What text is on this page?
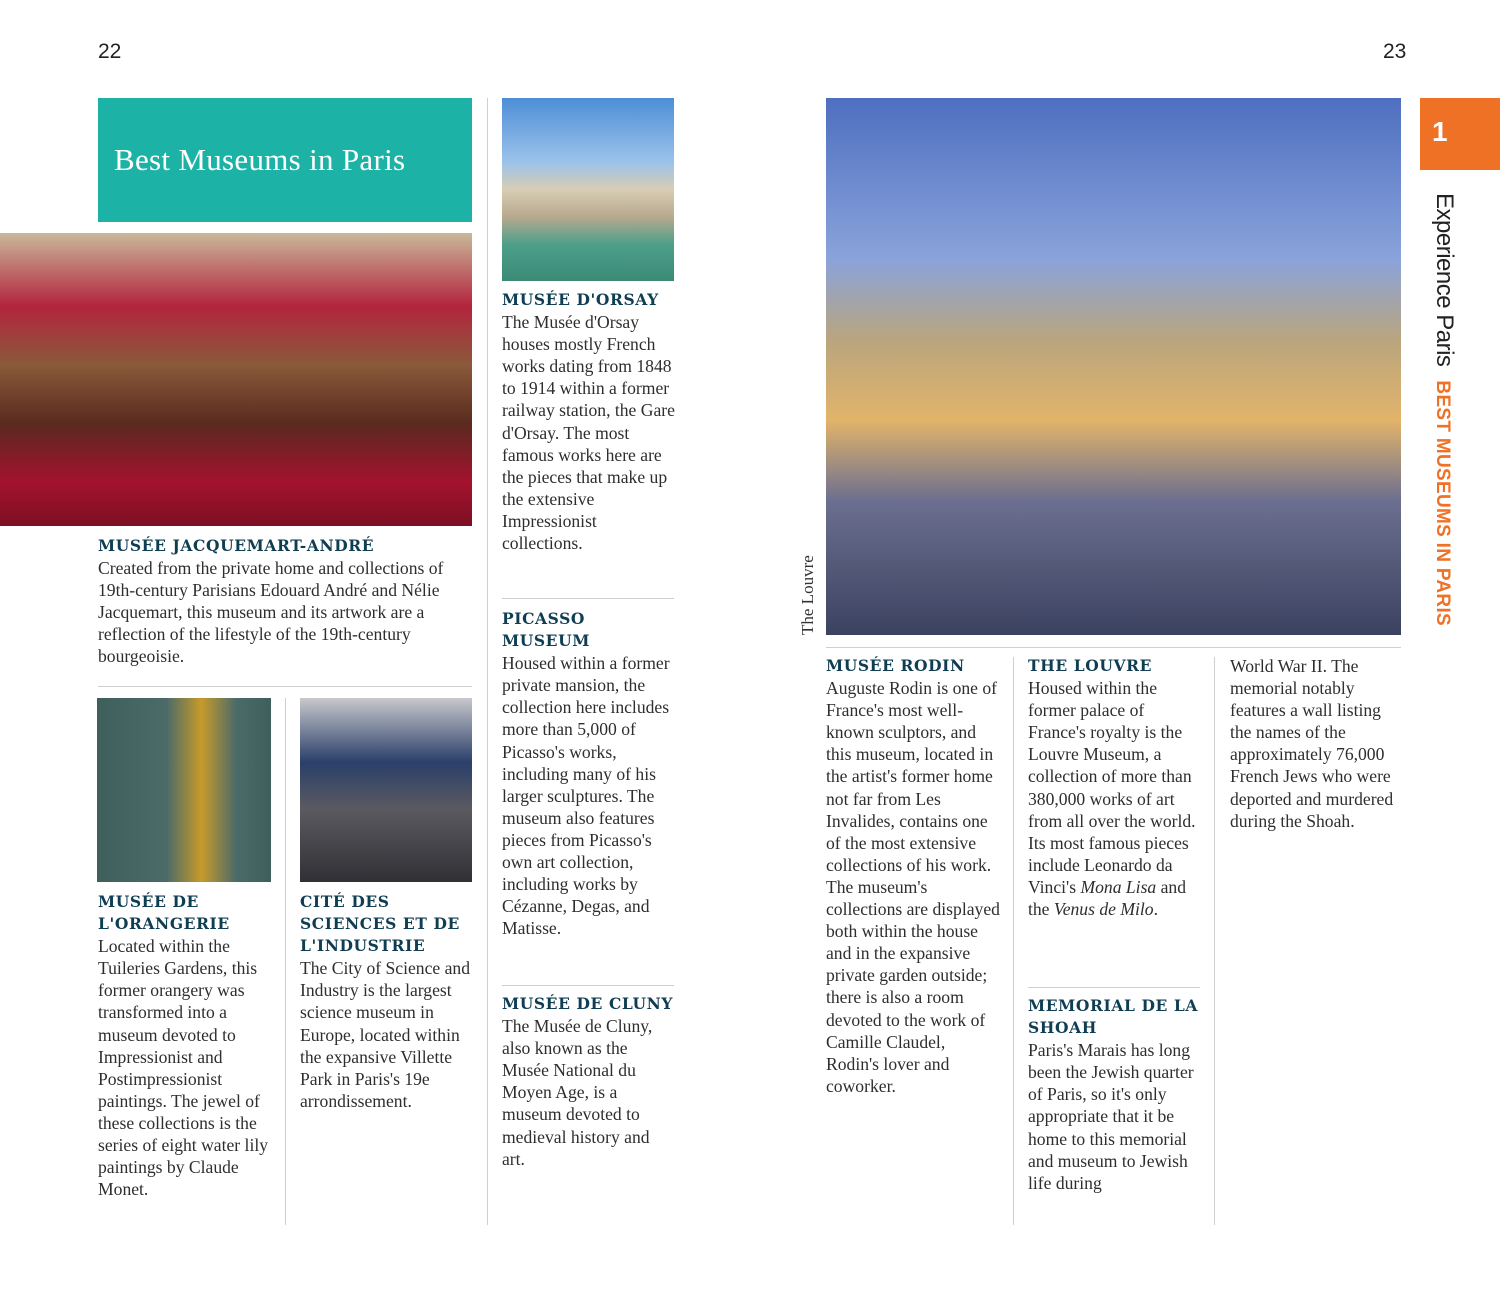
22	23
Best Museums in Paris
The Louvre
MUSÉE JACQUEMART-ANDRÉ

Created from the private home and collections of 19th-century Parisians Edouard André and Nélie Jacquemart, this museum and its artwork are a reflection of the lifestyle of the 19th-century bourgeoisie.

MUSÉE DE L'ORANGERIE

Located within the Tuileries Gardens, this former orangery was transformed into a museum devoted to Impressionist and Postimpressionist paintings. The jewel of these collections is the series of eight water lily paintings by Claude Monet.

CITÉ DES SCIENCES ET DE L'INDUSTRIE

The City of Science and Industry is the largest science museum in Europe, located within the expansive Villette Park in Paris's 19e arrondissement.

MUSÉE D'ORSAY

The Musée d'Orsay houses mostly French works dating from 1848 to 1914 within a former railway station, the Gare d'Orsay. The most famous works here are the pieces that make up the extensive Impressionist collections.

PICASSO MUSEUM

Housed within a former private mansion, the collection here includes more than 5,000 of Picasso's works, including many of his larger sculptures. The museum also features pieces from Picasso's own art collection, including works by Cézanne, Degas, and Matisse.

MUSÉE DE CLUNY

The Musée de Cluny, also known as the Musée National du Moyen Age, is a museum devoted to medieval history and art.

MUSÉE RODIN

Auguste Rodin is one of France's most well-known sculptors, and this museum, located in the artist's former home not far from Les Invalides, contains one of the most extensive collections of his work. The museum's collections are displayed both within the house and in the expansive private garden outside; there is also a room devoted to the work of Camille Claudel, Rodin's lover and coworker.

THE LOUVRE

Housed within the former palace of France's royalty is the Louvre Museum, a collection of more than 380,000 works of art from all over the world. Its most famous pieces include Leonardo da Vinci's Mona Lisa and the Venus de Milo.

MEMORIAL DE LA SHOAH

Paris's Marais has long been the Jewish quarter of Paris, so it's only appropriate that it be home to this memorial and museum to Jewish life during

World War II. The memorial notably features a wall listing the names of the approximately 76,000 French Jews who were deported and murdered during the Shoah.

1
Experience ParisBEST MUSEUMS IN PARIS
